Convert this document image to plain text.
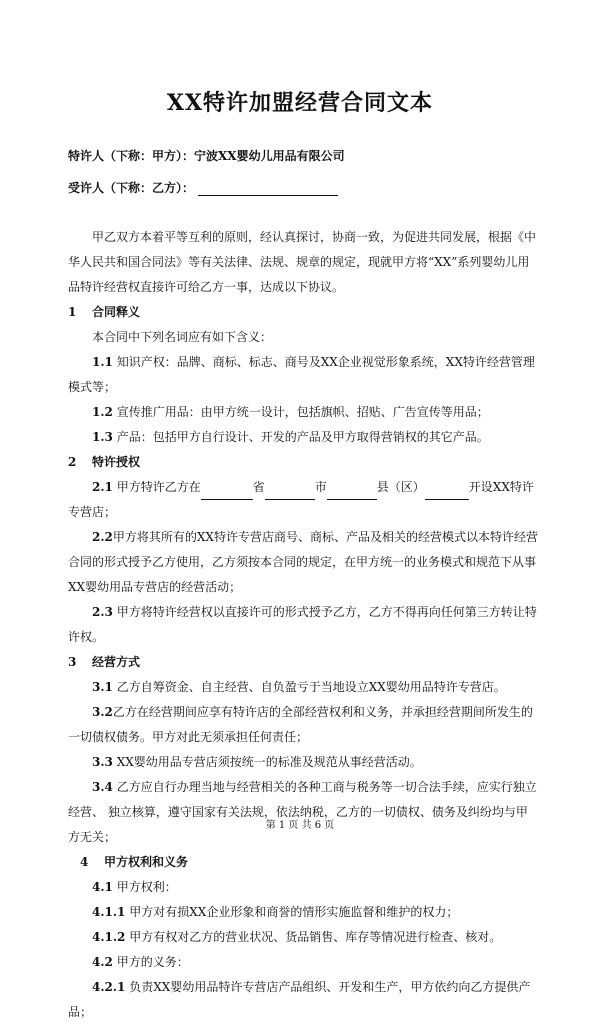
XX特许加盟经营合同文本
特许人（下称：甲方）：宁波XX婴幼儿用品有限公司
受许人（下称：乙方）：

甲乙双方本着平等互利的原则，经认真探讨，协商一致，为促进共同发展，根据《中华人民共和国合同法》等有关法律、法规、规章的规定，现就甲方将“XX”系列婴幼儿用品特许经营权直接许可给乙方一事，达成以下协议。

1 合同释义

本合同中下列名词应有如下含义：

1.1 知识产权：品牌、商标、标志、商号及XX企业视觉形象系统，XX特许经营管理模式等；

1.2 宣传推广用品：由甲方统一设计，包括旗帜、招贴、广告宣传等用品；

1.3 产品：包括甲方自行设计、开发的产品及甲方取得营销权的其它产品。

2 特许授权

2.1 甲方特许乙方在	省	市	县（区）	开设XX特许专营店；

2.2甲方将其所有的XX特许专营店商号、商标、产品及相关的经营模式以本特许经营合同的形式授予乙方使用，乙方须按本合同的规定，在甲方统一的业务模式和规范下从事XX婴幼用品专营店的经营活动；

2.3 甲方将特许经营权以直接许可的形式授予乙方，乙方不得再向任何第三方转让特许权。

3 经营方式

3.1 乙方自筹资金、自主经营、自负盈亏于当地设立XX婴幼用品特许专营店。

3.2乙方在经营期间应享有特许店的全部经营权利和义务，并承担经营期间所发生的一切债权债务。甲方对此无须承担任何责任；

3.3 XX婴幼用品专营店须按统一的标准及规范从事经营活动。

3.4 乙方应自行办理当地与经营相关的各种工商与税务等一切合法手续，应实行独立经营、 独立核算，遵守国家有关法规，依法纳税，乙方的一切债权、债务及纠纷均与甲方无关；

4 甲方权利和义务

4.1 甲方权利：

4.1.1 甲方对有损XX企业形象和商誉的情形实施监督和维护的权力；

4.1.2 甲方有权对乙方的营业状况、货品销售、库存等情况进行检查、核对。

4.2 甲方的义务：

4.2.1 负责XX婴幼用品特许专营店产品组织、开发和生产，甲方依约向乙方提供产品；

第 1 页 共 6 页
